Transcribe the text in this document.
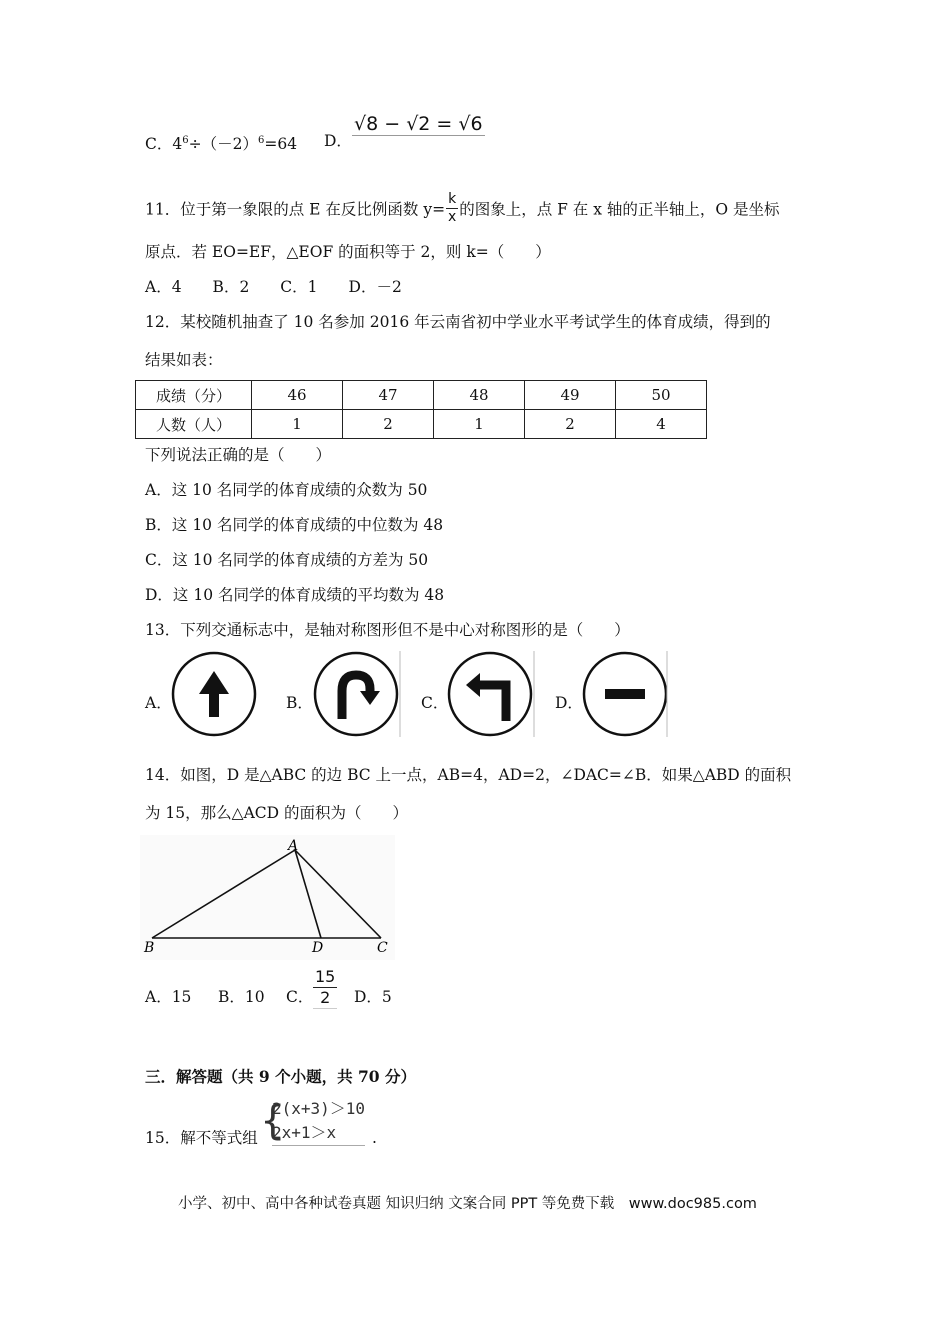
C．$4^6\div(-2)^6=64$ D．
√8 − √2 = √6
11．位于第一象限的点 E 在反比例函数 $y= \frac{k}{x}$ 的图象上，点 F 在 x 轴的正半轴上，O 是坐标
原点．若 EO=EF，△EOF 的面积等于 2，则 k=（　　）
A．4　　B．2　　C．1　　D．－2
12．某校随机抽查了 10 名参加 2016 年云南省初中学业水平考试学生的体育成绩，得到的
结果如表：
成绩（分）	46	47	48	49	50
人数（人）	1	2	1	2	4
下列说法正确的是（　　）
A．这 10 名同学的体育成绩的众数为 50
B．这 10 名同学的体育成绩的中位数为 48
C．这 10 名同学的体育成绩的方差为 50
D．这 10 名同学的体育成绩的平均数为 48
13．下列交通标志中，是轴对称图形但不是中心对称图形的是（　　）
A．	B．	C．	D．
14．如图，D 是△ABC 的边 BC 上一点，AB=4，AD=2，∠DAC=∠B．如果△ABD 的面积
为 15，那么△ACD 的面积为（　　）
A
B	D	C
A．15 B．10 C． $\frac{15}{2}$ D．5
三．解答题（共 9 个小题，共 70 分）
15．解不等式组 {
2(x+3)＞10
2x+1＞x	.
小学、初中、高中各种试卷真题 知识归纳 文案合同 PPT 等免费下载　www.doc985.com
